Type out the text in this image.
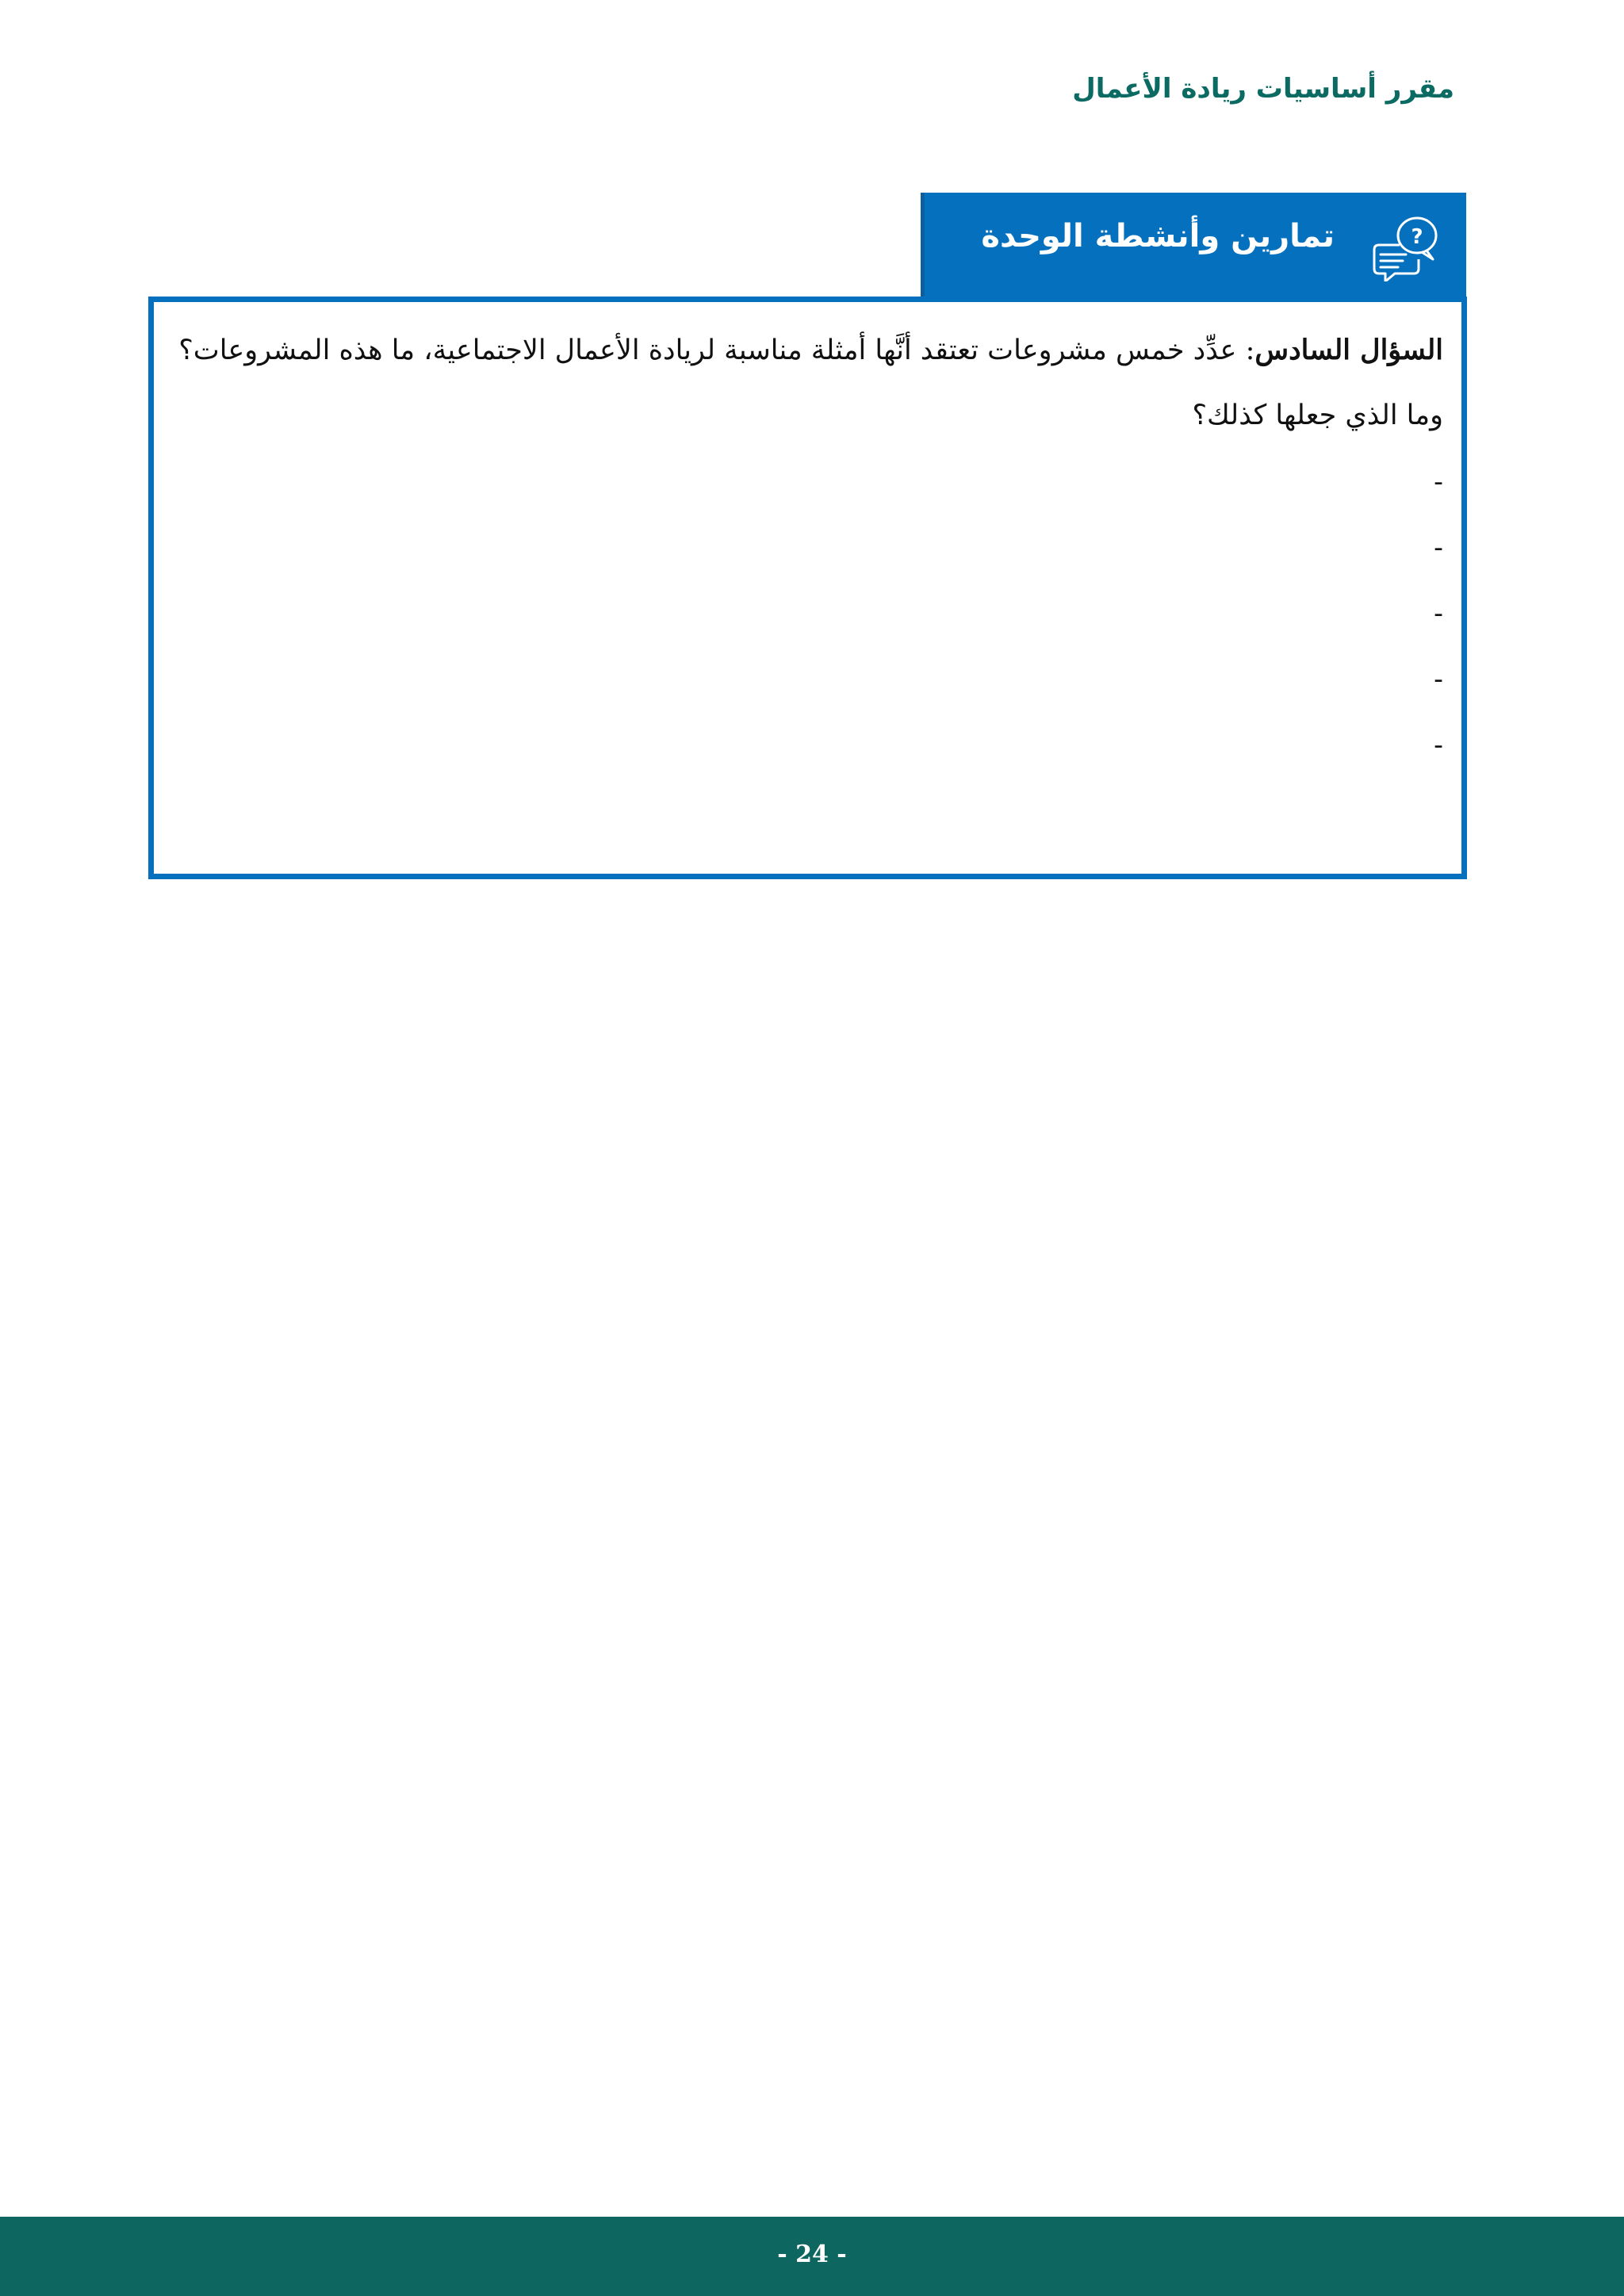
مقرر أساسيات ريادة الأعمال
?
تمارين وأنشطة الوحدة
السؤال السادس: عدِّد خمس مشروعات تعتقد أنَّها أمثلة مناسبة لريادة الأعمال الاجتماعية، ما هذه المشروعات؟
وما الذي جعلها كذلك؟
-
-
-
-
-
- 24 -
